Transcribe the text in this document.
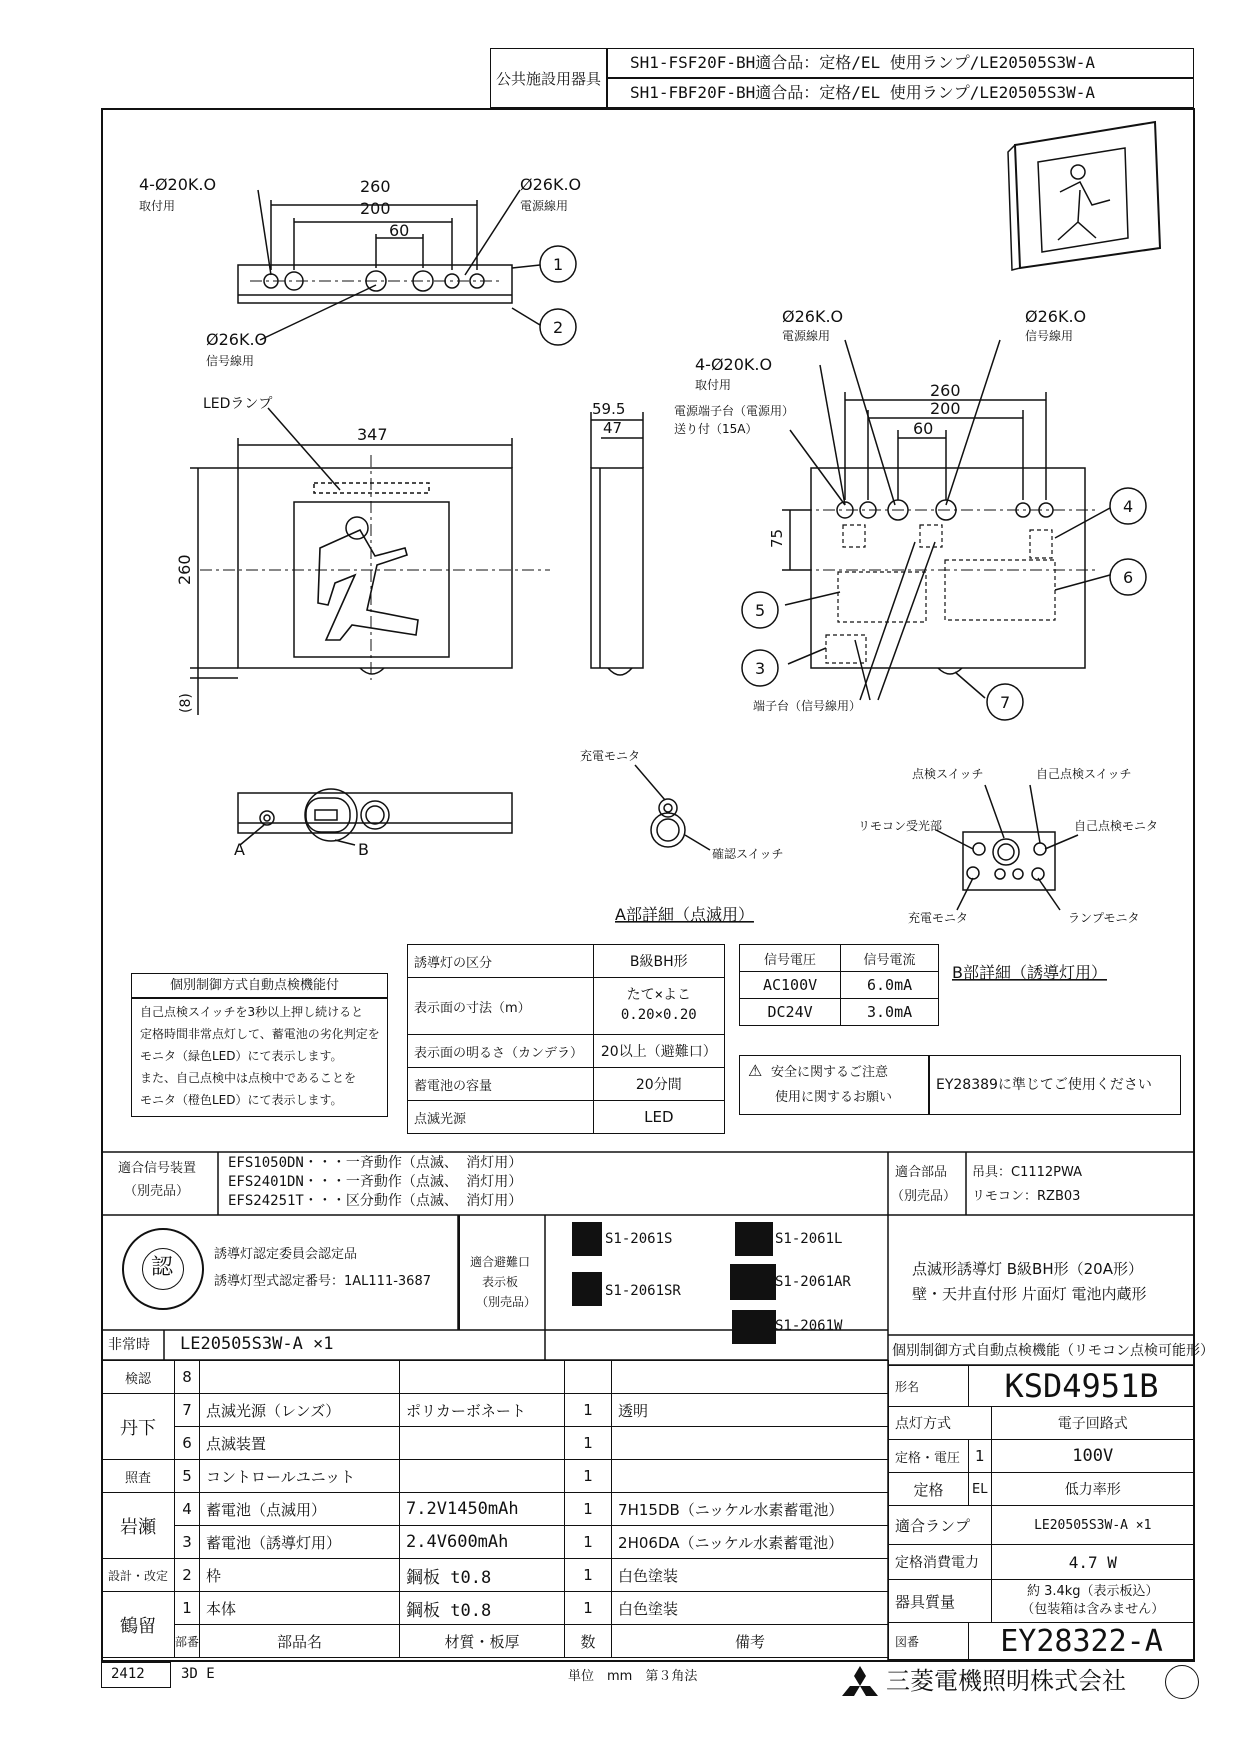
公共施設用器具
SH1-FSF20F-BH適合品：定格/EL 使用ランプ/LE20505S3W-A
SH1-FBF20F-BH適合品：定格/EL 使用ランプ/LE20505S3W-A
4-Ø20K.O
取付用
Ø26K.O
電源線用
Ø26K.O
信号線用
260
200
60
1
2
LEDランプ
347
260
(8)
59.5
47
Ø26K.O
電源線用
Ø26K.O
信号線用
4-Ø20K.O
取付用
電源端子台（電源用）
送り付（15A）
260
200
60
75
端子台（信号線用）
5
3
4
6
7
A	B
充電モニタ
確認スイッチ
点検スイッチ	自己点検スイッチ
リモコン受光部	自己点検モニタ
充電モニタ	ランプモニタ
A部詳細（点滅用）
B部詳細（誘導灯用）
個別制御方式自動点検機能付
自己点検スイッチを3秒以上押し続けると
定格時間非常点灯して、蓄電池の劣化判定を
モニタ（緑色LED）にて表示します。
また、自己点検中は点検中であることを
モニタ（橙色LED）にて表示します。
誘導灯の区分	B級BH形
表示面の寸法（m）	たて×よこ
0.20×0.20
表示面の明るさ（カンデラ）	20以上（避難口）
蓄電池の容量	20分間
点滅光源	LED
信号電圧	信号電流
AC100V	6.0mA
DC24V	3.0mA
⚠ 安全に関するご注意
使用に関するお願い
EY28389に準じてご使用ください
適合信号装置
（別売品）
EFS1050DN・・・一斉動作（点滅、 消灯用）
EFS2401DN・・・一斉動作（点滅、 消灯用）
EFS24251T・・・区分動作（点滅、 消灯用）
適合部品
（別売品）
吊具：C1112PWA
リモコン：RZB03
認
誘導灯認定委員会認定品
誘導灯型式認定番号：1AL111-3687
適合避難口
表示板
（別売品）
S1-2061S
S1-2061SR
S1-2061L
S1-2061AR
S1-2061W
点滅形誘導灯 B級BH形（20A形）
壁・天井直付形 片面灯 電池内蔵形
個別制御方式自動点検機能（リモコン点検可能形）
非常時 LE20505S3W-A ×1
検認	8				
丹下	7	点滅光源（レンズ）	ポリカーボネート	1	透明
	6	点滅装置		1	
照査	5	コントロールユニット		1	
岩瀬	4	蓄電池（点滅用）	7.2V1450mAh	1	7H15DB（ニッケル水素蓄電池）
	3	蓄電池（誘導灯用）	2.4V600mAh	1	2H06DA（ニッケル水素蓄電池）
設計・改定	2	枠	鋼板 t0.8	1	白色塗装
鶴留	1	本体	鋼板 t0.8	1	白色塗装
	部番	部品名	材質・板厚	数	備考
形名	KSD4951B	
点灯方式		電子回路式
定格・電圧	1	100V
定格	EL	低力率形
適合ランプ		LE20505S3W-A ×1
定格消費電力		4.7 W
器具質量		約 3.4kg（表示板込）
（包装箱は含みません）

図番	EY28322-A	
2412	3D E	単位　mm　第３角法	三菱電機照明株式会社
